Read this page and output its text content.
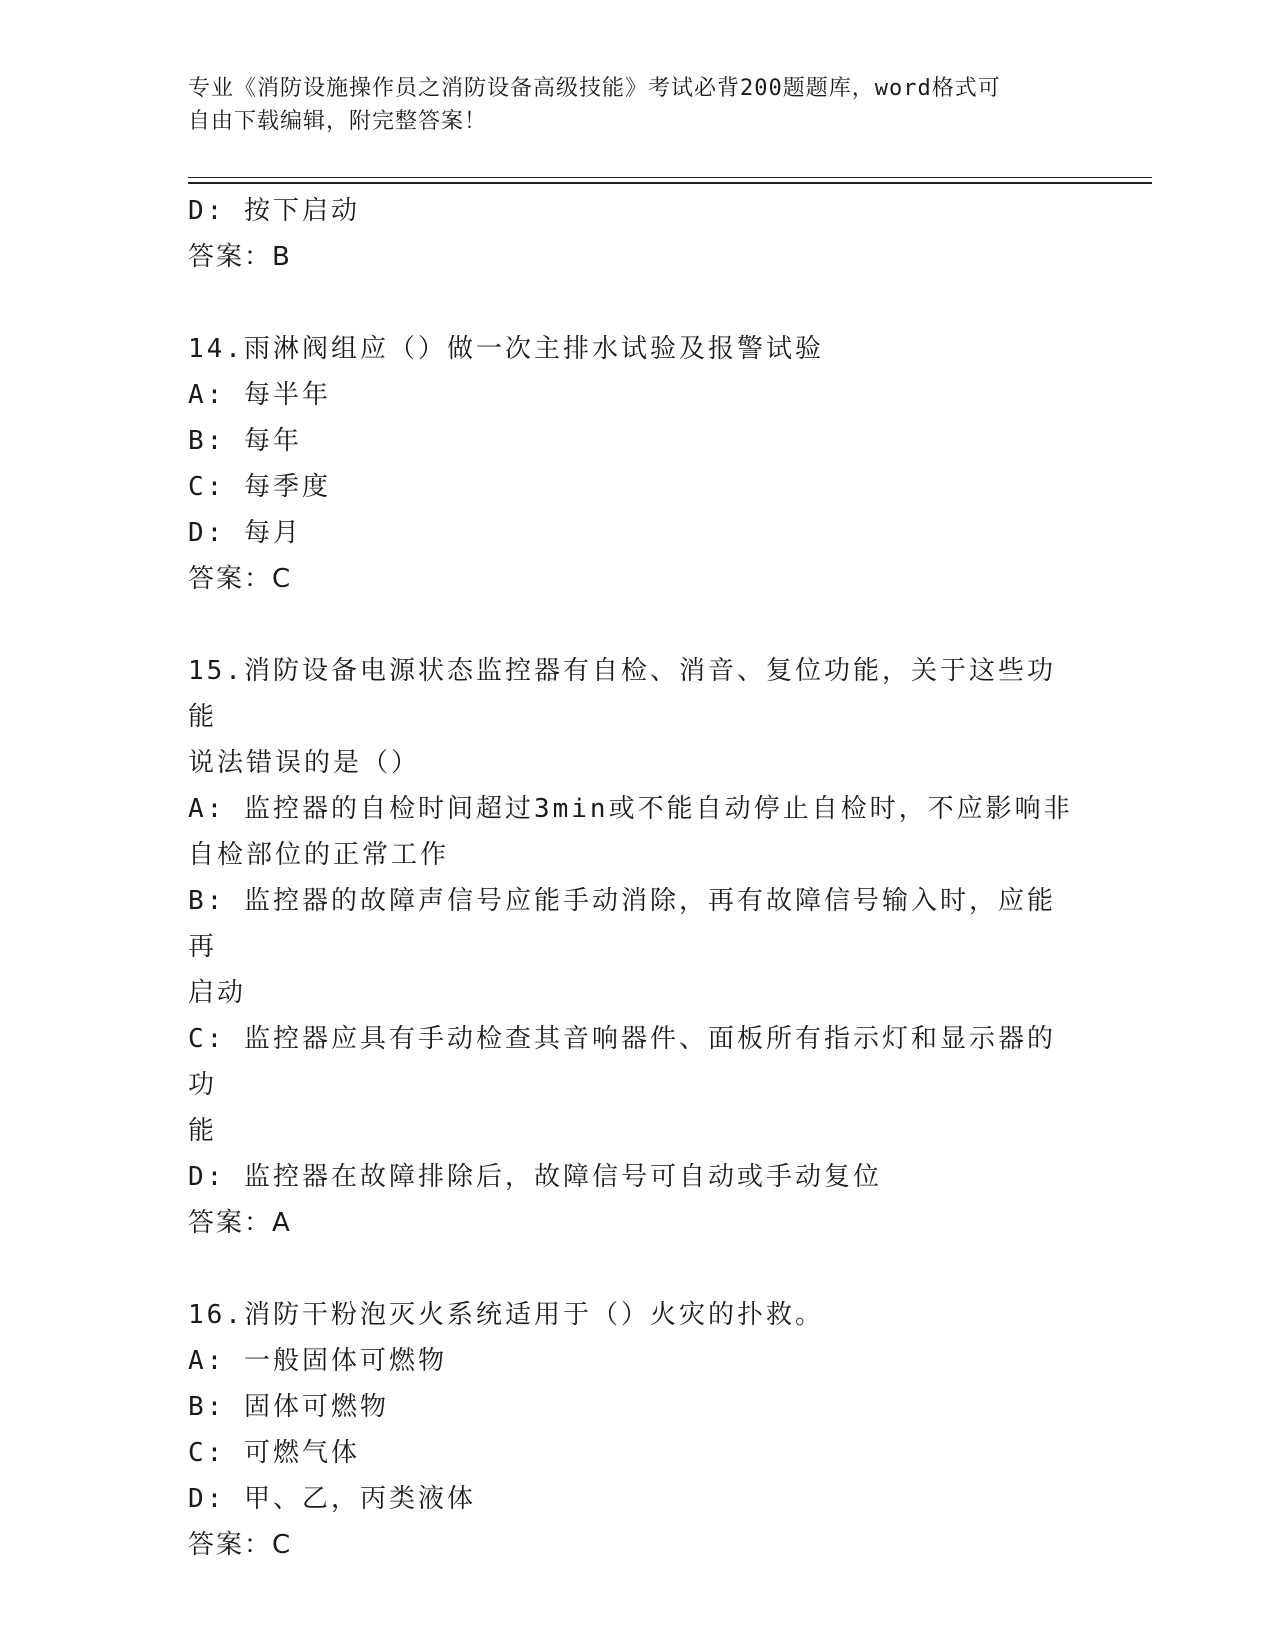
专业《消防设施操作员之消防设备高级技能》考试必背200题题库，word格式可
自由下载编辑，附完整答案！
D: 按下启动
答案：B
14.雨淋阀组应（）做一次主排水试验及报警试验
A: 每半年
B: 每年
C: 每季度
D: 每月
答案：C
15.消防设备电源状态监控器有自检、消音、复位功能，关于这些功能
说法错误的是（）
A: 监控器的自检时间超过3min或不能自动停止自检时，不应影响非
自检部位的正常工作
B: 监控器的故障声信号应能手动消除，再有故障信号输入时，应能再
启动
C: 监控器应具有手动检查其音响器件、面板所有指示灯和显示器的功
能
D: 监控器在故障排除后，故障信号可自动或手动复位
答案：A
16.消防干粉泡灭火系统适用于（）火灾的扑救。
A: 一般固体可燃物
B: 固体可燃物
C: 可燃气体
D: 甲、乙，丙类液体
答案：C
